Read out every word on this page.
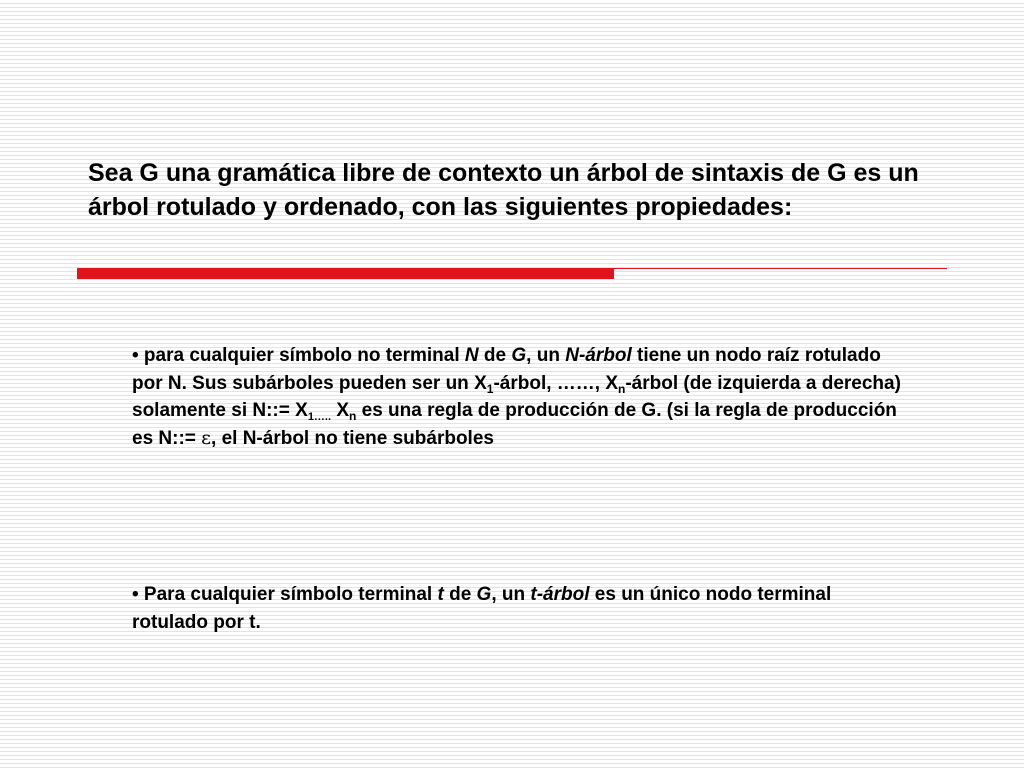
Sea G una gramática libre de contexto un árbol de sintaxis de G es un árbol rotulado y ordenado, con las siguientes propiedades:

• para cualquier símbolo no terminal N de G, un N-árbol tiene un nodo raíz rotulado por N. Sus subárboles pueden ser un $X_1$-árbol, ……, $X_n$-árbol (de izquierda a derecha) solamente si N::= $X_{1\dots..}$ $X_n$ es una regla de producción de G. (si la regla de producción es N::= ε, el N-árbol no tiene subárboles

• Para cualquier símbolo terminal t de G, un t-árbol es un único nodo terminal rotulado por t.
